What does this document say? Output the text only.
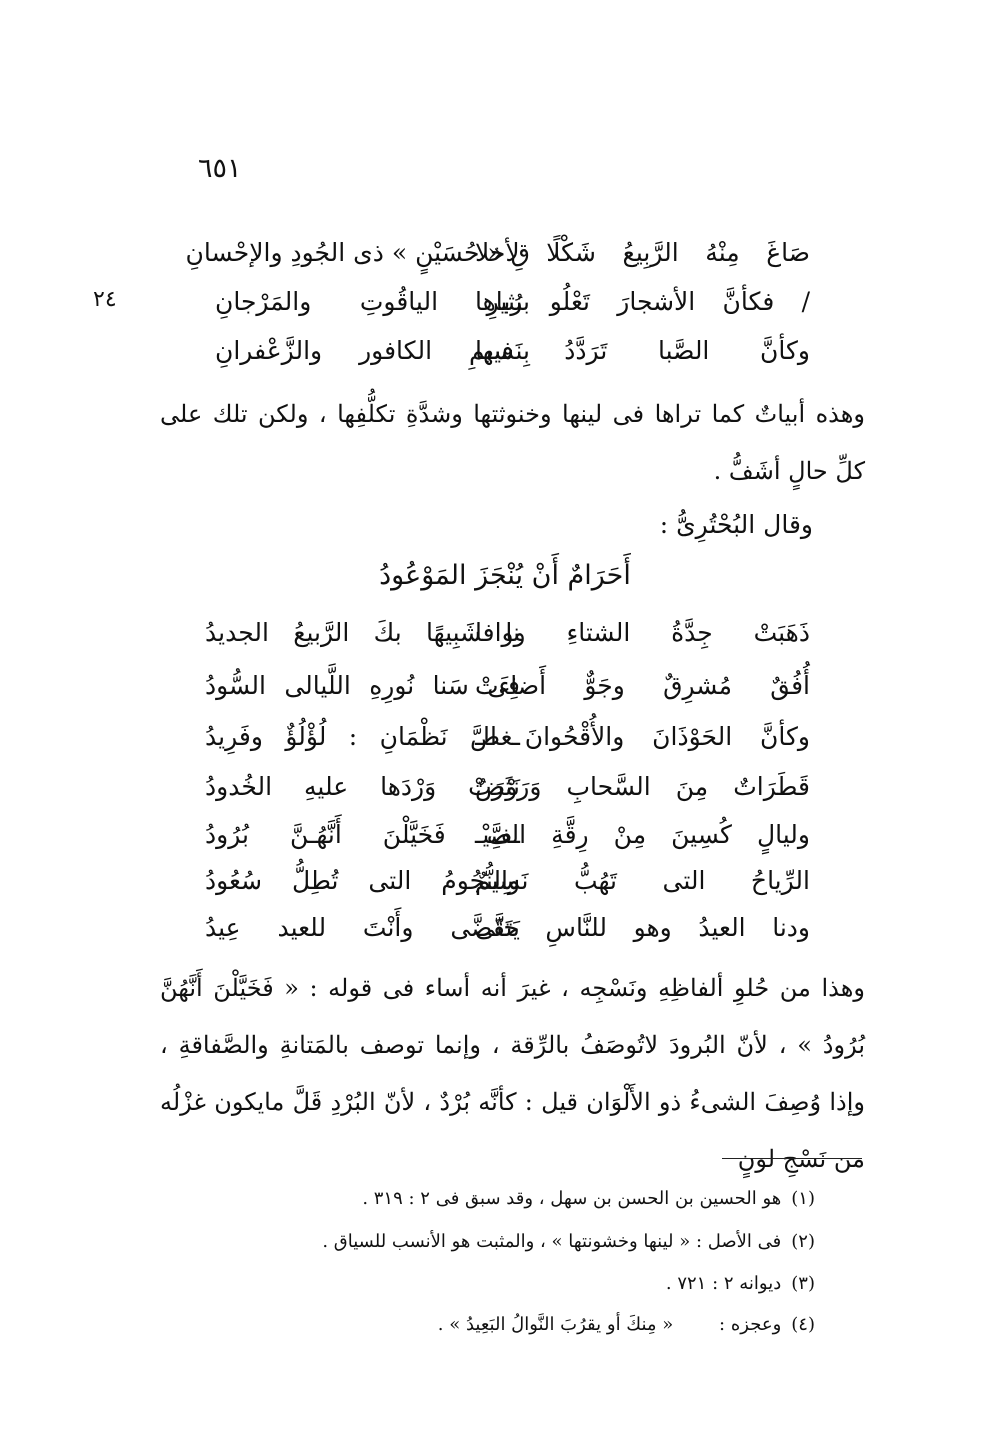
٦٥١
٢٤
صَاغَ مِنْهُ الرَّبِيعُ شَكْلًا لأخلا
قِ « حُسَيْنٍ » ذى الجُودِ والإحْسانِ
/ فكأنَّ الأشجارَ تَعْلُو رُباها
بنثيرِ الياقُوتِ والمَرْجانِ
وكأنَّ الصَّبا تَرَدَّدُ فيها
بِنَسيمِ الكافور والزَّعْفرانِ
وهذه أبياتٌ كما تراها فى لينها وخنوثتها وشدَّةِ تكلُّفِها ، ولكن تلك على كلِّ حالٍ أشَفُّ .
وقال البُحْتُرِىُّ :
أَحَرَامٌ أَنْ يُنْجَزَ المَوْعُودُ
ذَهَبَتْ جِدَّةُ الشتاءِ ووافا
نا شَبِيهًا بكَ الرَّبيعُ الجديدُ
أُفُقٌ مُشرِقٌ وجَوٌّ أَضاءَتْ
فِى سَنا نُورِهِ اللَّيالى السُّودُ
وكأنَّ الحَوْذَانَ والأُقْحُوانَ الـ
ـغضَّ نَظْمَانِ : لُؤْلُؤٌ وفَرِيدُ
قَطَرَاتٌ مِنَ السَّحابِ وَرَوْضٌ
نَثَرَتْ وَرْدَها عليهِ الخُدودُ
وليالٍ كُسِينَ مِنْ رِقَّةِ الصَّيْـ
ـفِ فَخَيَّلْنَ أَنَّهُـنَّ بُرُودُ
الرِّياحُ التى تَهُبُّ نَسِيمٌ
والنُّجُومُ التى تُطِلُّ سُعُودُ
ودنا العيدُ وهو للنَّاسِ حتَّى
يَتَقَضَّى وأَنْتَ للعيد عِيدُ
وهذا من حُلوِ ألفاظِهِ ونَسْجِه ، غيرَ أنه أساء فى قوله : « فَخَيَّلْنَ أَنَّهُنَّ بُرُودُ » ، لأنّ البُرودَ لاتُوصَفُ بالرِّقة ، وإنما توصف بالمَتانةِ والصَّفاقةِ ، وإذا وُصِفَ الشىءُ ذو الأَلْوَان قيل : كأنَّه بُرْدٌ ، لأنّ البُرْدِ قَلَّ مايكون غزْلُه من نَسْجِ لونٍ
(١)هو الحسين بن الحسن بن سهل ، وقد سبق فى ٢ : ٣١٩ .
(٢)فى الأصل : « لينها وخشونتها » ، والمثبت هو الأنسب للسياق .
(٣)ديوانه ٢ : ٧٢١ .
(٤)وعجزه :        « مِنكَ أو يقرُبَ النَّوالُ البَعِيدُ » .
